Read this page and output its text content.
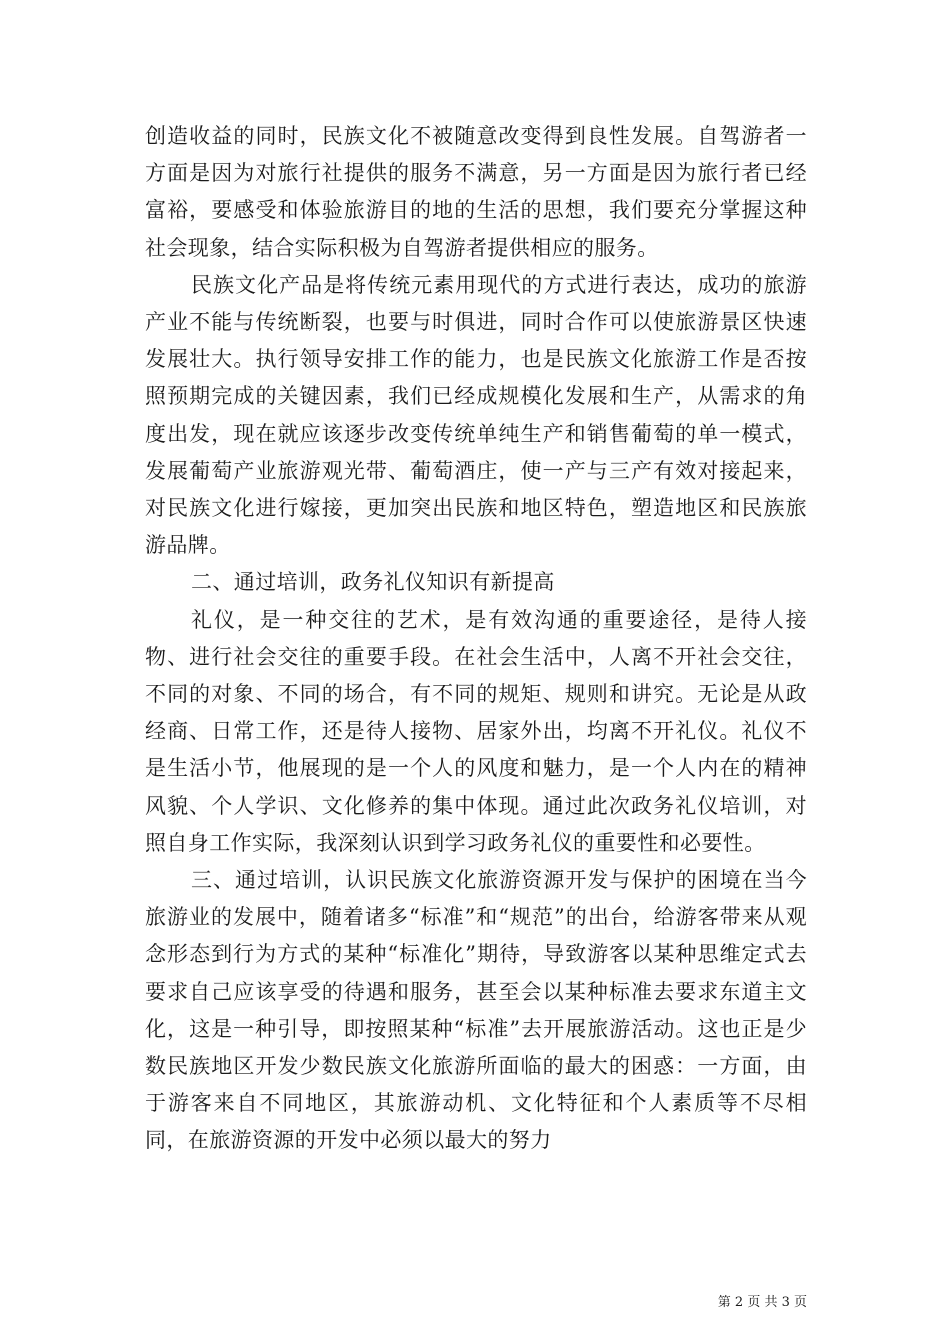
创造收益的同时，民族文化不被随意改变得到良性发展。自驾游者一方面是因为对旅行社提供的服务不满意，另一方面是因为旅行者已经富裕，要感受和体验旅游目的地的生活的思想，我们要充分掌握这种社会现象，结合实际积极为自驾游者提供相应的服务。

民族文化产品是将传统元素用现代的方式进行表达，成功的旅游产业不能与传统断裂，也要与时俱进，同时合作可以使旅游景区快速发展壮大。执行领导安排工作的能力，也是民族文化旅游工作是否按照预期完成的关键因素，我们已经成规模化发展和生产，从需求的角度出发，现在就应该逐步改变传统单纯生产和销售葡萄的单一模式，发展葡萄产业旅游观光带、葡萄酒庄，使一产与三产有效对接起来，对民族文化进行嫁接，更加突出民族和地区特色，塑造地区和民族旅游品牌。

二、通过培训，政务礼仪知识有新提高

礼仪，是一种交往的艺术，是有效沟通的重要途径，是待人接物、进行社会交往的重要手段。在社会生活中，人离不开社会交往，不同的对象、不同的场合，有不同的规矩、规则和讲究。无论是从政经商、日常工作，还是待人接物、居家外出，均离不开礼仪。礼仪不是生活小节，他展现的是一个人的风度和魅力，是一个人内在的精神风貌、个人学识、文化修养的集中体现。通过此次政务礼仪培训，对照自身工作实际，我深刻认识到学习政务礼仪的重要性和必要性。

三、通过培训，认识民族文化旅游资源开发与保护的困境在当今旅游业的发展中，随着诸多“标准”和“规范”的出台，给游客带来从观念形态到行为方式的某种“标准化”期待，导致游客以某种思维定式去要求自己应该享受的待遇和服务，甚至会以某种标准去要求东道主文化，这是一种引导，即按照某种“标准”去开展旅游活动。这也正是少数民族地区开发少数民族文化旅游所面临的最大的困惑：一方面，由于游客来自不同地区，其旅游动机、文化特征和个人素质等不尽相同，在旅游资源的开发中必须以最大的努力

第 2 页 共 3 页
